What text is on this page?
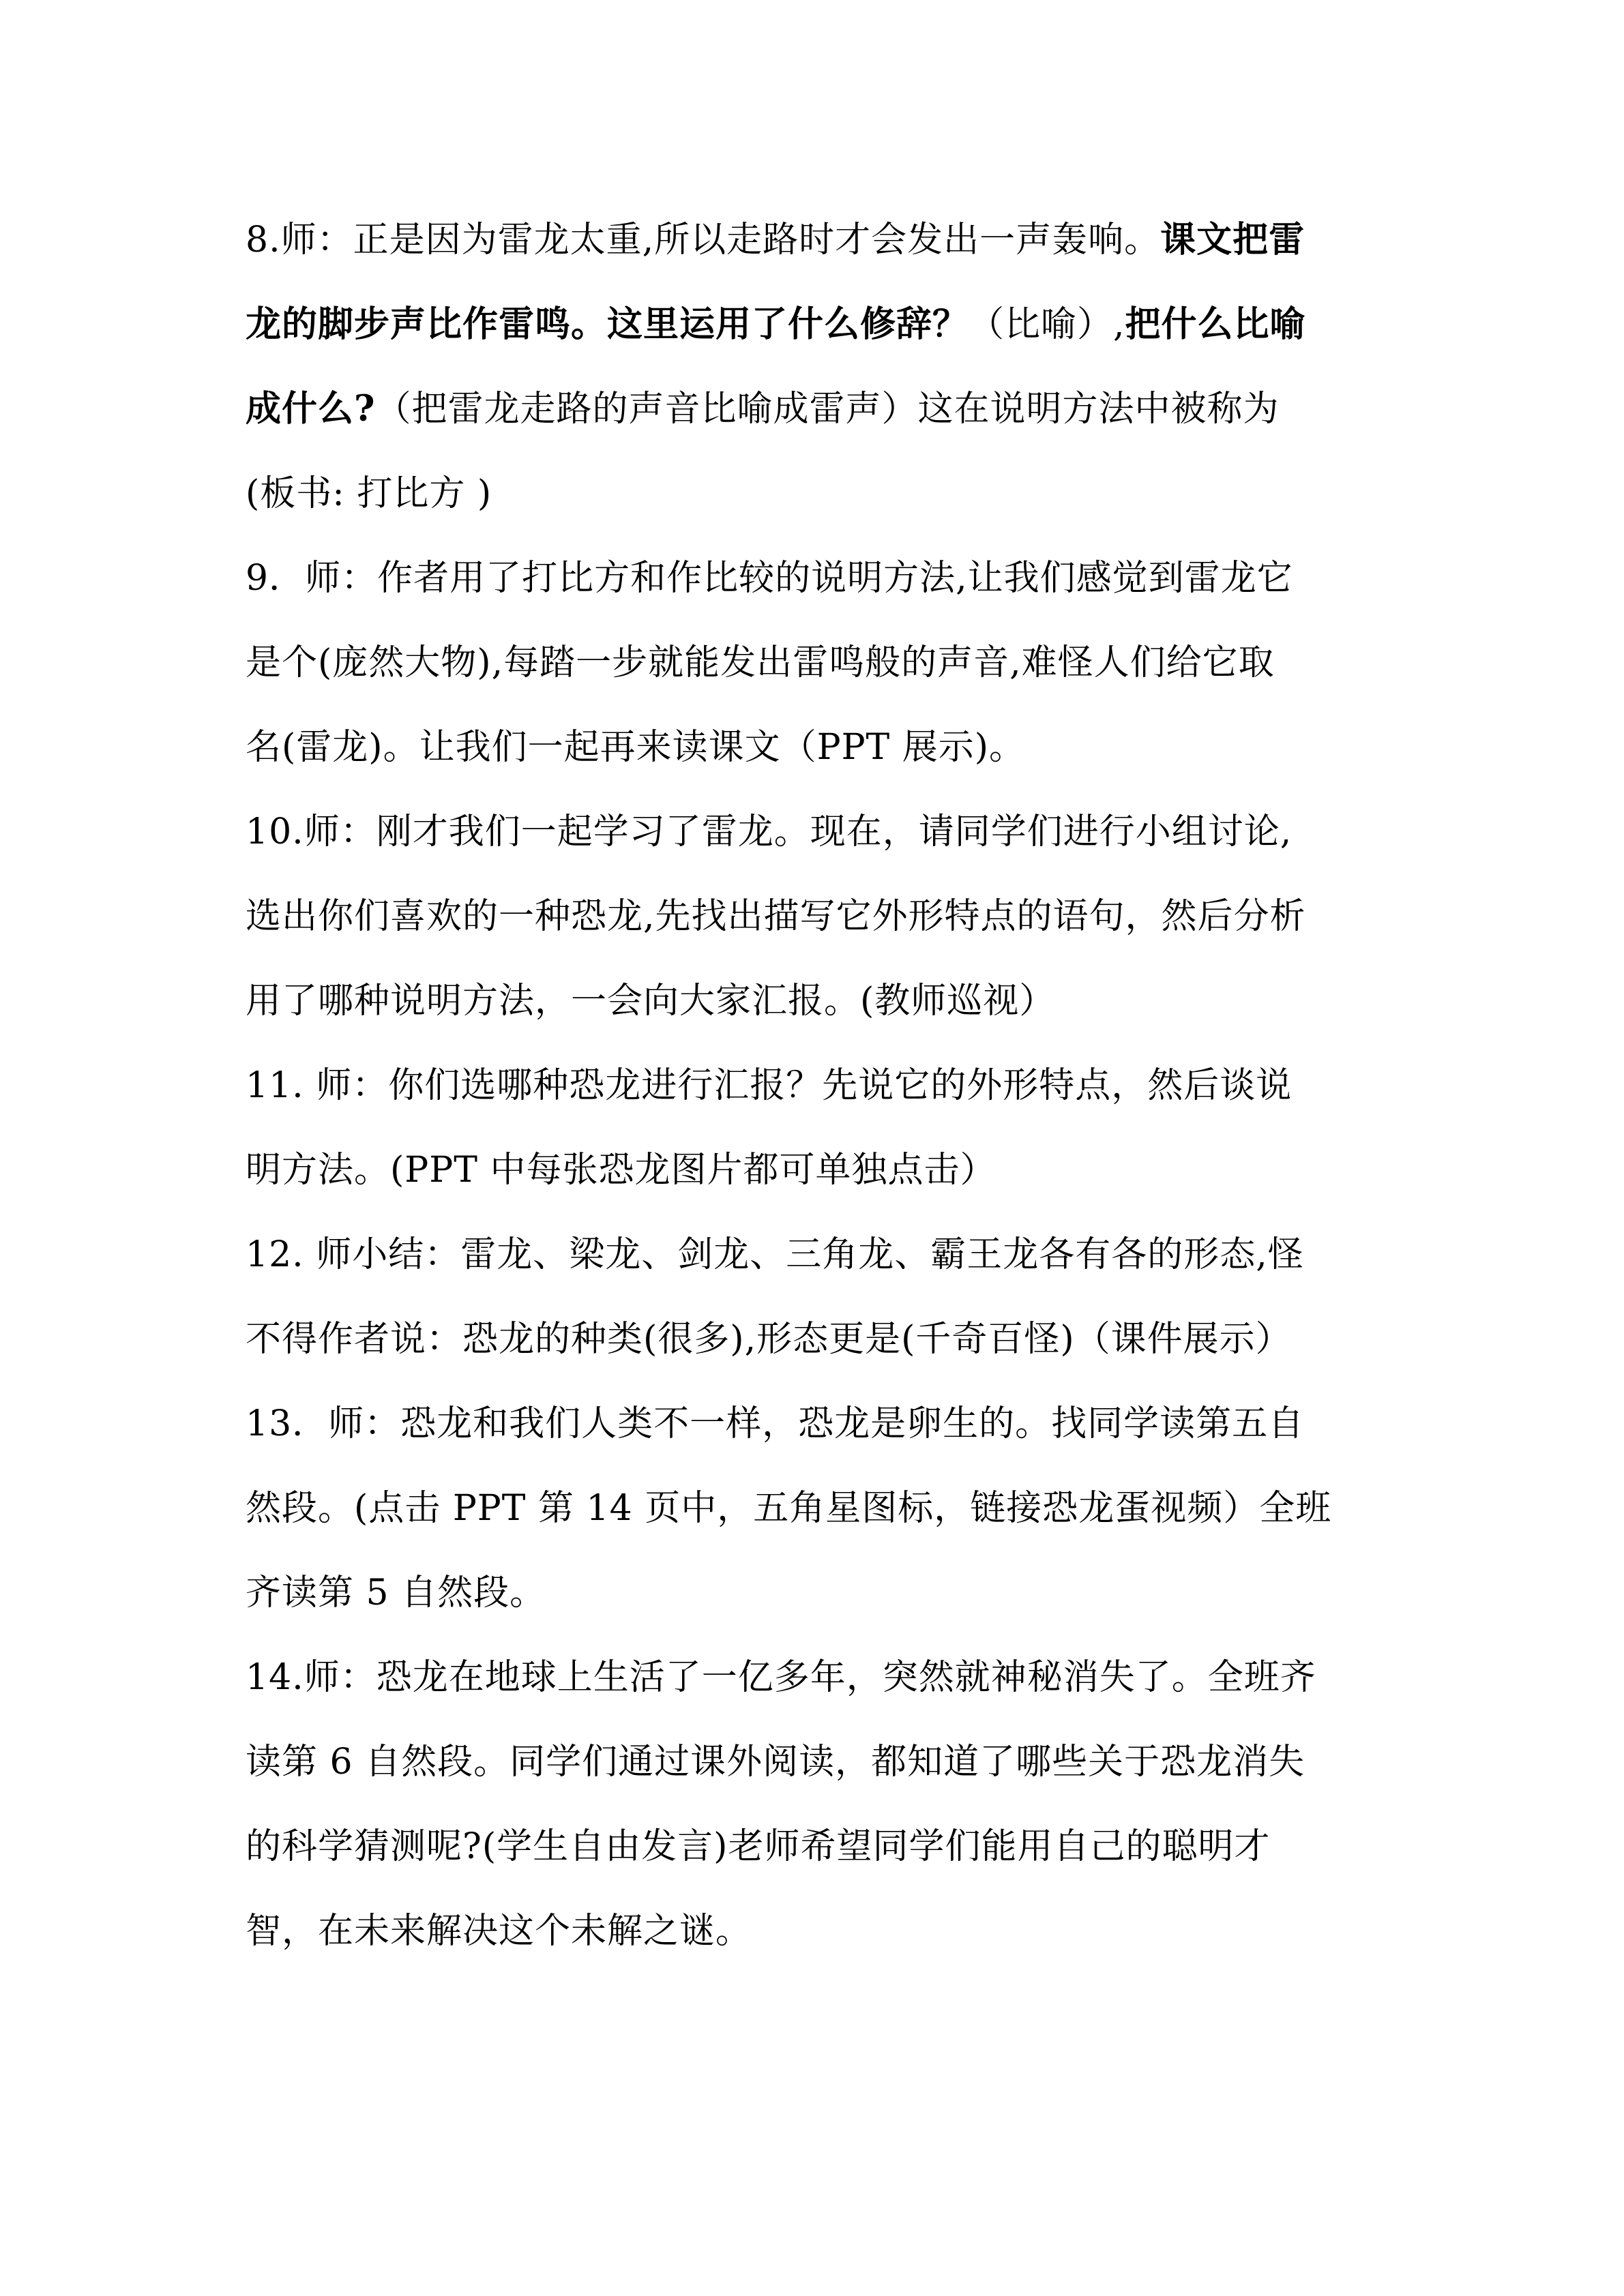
8.师：正是因为雷龙太重,所以走路时才会发出一声轰响。课文把雷
龙的脚步声比作雷鸣。这里运用了什么修辞？（比喻）,把什么比喻
成什么?（把雷龙走路的声音比喻成雷声）这在说明方法中被称为
(板书: 打比方 )
9．师：作者用了打比方和作比较的说明方法,让我们感觉到雷龙它
是个(庞然大物),每踏一步就能发出雷鸣般的声音,难怪人们给它取
名(雷龙)。让我们一起再来读课文（PPT 展示)。
10.师：刚才我们一起学习了雷龙。现在，请同学们进行小组讨论,
选出你们喜欢的一种恐龙,先找出描写它外形特点的语句，然后分析
用了哪种说明方法，一会向大家汇报。(教师巡视）
11. 师：你们选哪种恐龙进行汇报？先说它的外形特点，然后谈说
明方法。(PPT 中每张恐龙图片都可单独点击）
12. 师小结：雷龙、梁龙、剑龙、三角龙、霸王龙各有各的形态,怪
不得作者说：恐龙的种类(很多),形态更是(千奇百怪)（课件展示）
13．师：恐龙和我们人类不一样，恐龙是卵生的。找同学读第五自
然段。(点击 PPT 第 14 页中，五角星图标，链接恐龙蛋视频）全班
齐读第 5 自然段。
14.师：恐龙在地球上生活了一亿多年，突然就神秘消失了。全班齐
读第 6 自然段。同学们通过课外阅读，都知道了哪些关于恐龙消失
的科学猜测呢?(学生自由发言)老师希望同学们能用自己的聪明才
智，在未来解决这个未解之谜。
